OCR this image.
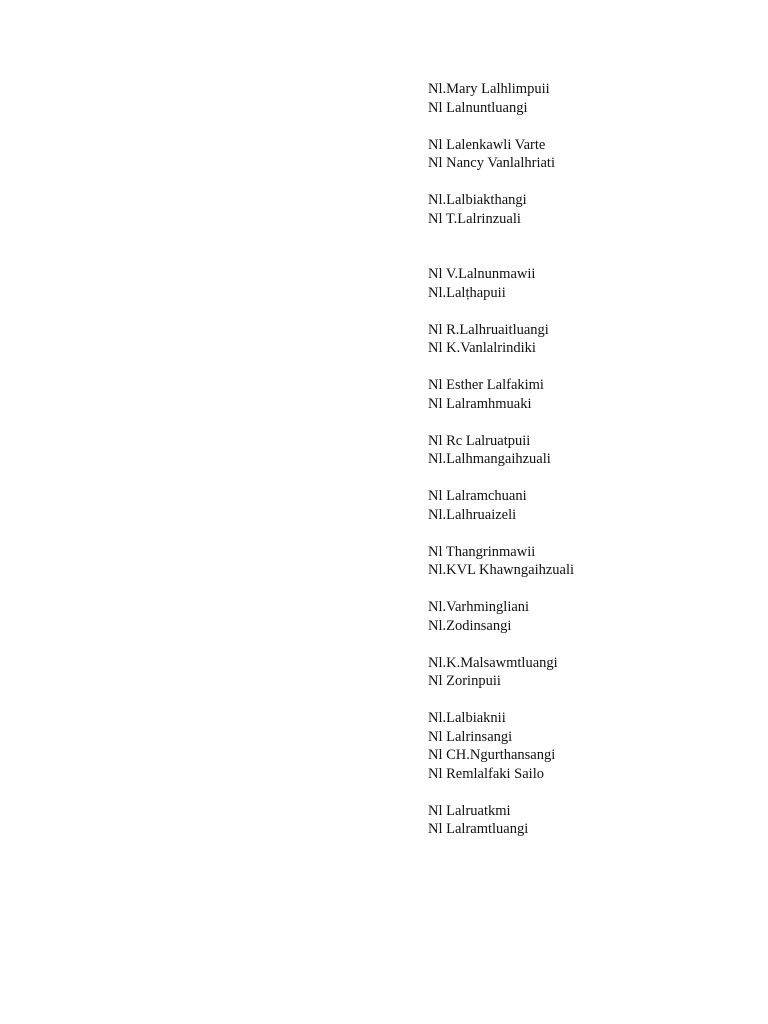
Nl.Mary Lalhlimpuii
Nl Lalnuntluangi
Nl Lalenkawli Varte
Nl Nancy Vanlalhriati
Nl.Lalbiakthangi
Nl T.Lalrinzuali
Nl V.Lalnunmawii
Nl.Lalṭhapuii
Nl R.Lalhruaitluangi
Nl K.Vanlalrindiki
Nl Esther Lalfakimi
Nl Lalramhmuaki
Nl Rc Lalruatpuii
Nl.Lalhmangaihzuali
Nl Lalramchuani
Nl.Lalhruaizeli
Nl Thangrinmawii
Nl.KVL Khawngaihzuali
Nl.Varhmingliani
Nl.Zodinsangi
Nl.K.Malsawmtluangi
Nl Zorinpuii
Nl.Lalbiaknii
Nl Lalrinsangi
Nl CH.Ngurthansangi
Nl Remlalfaki Sailo
Nl Lalruatkmi
Nl Lalramtluangi
